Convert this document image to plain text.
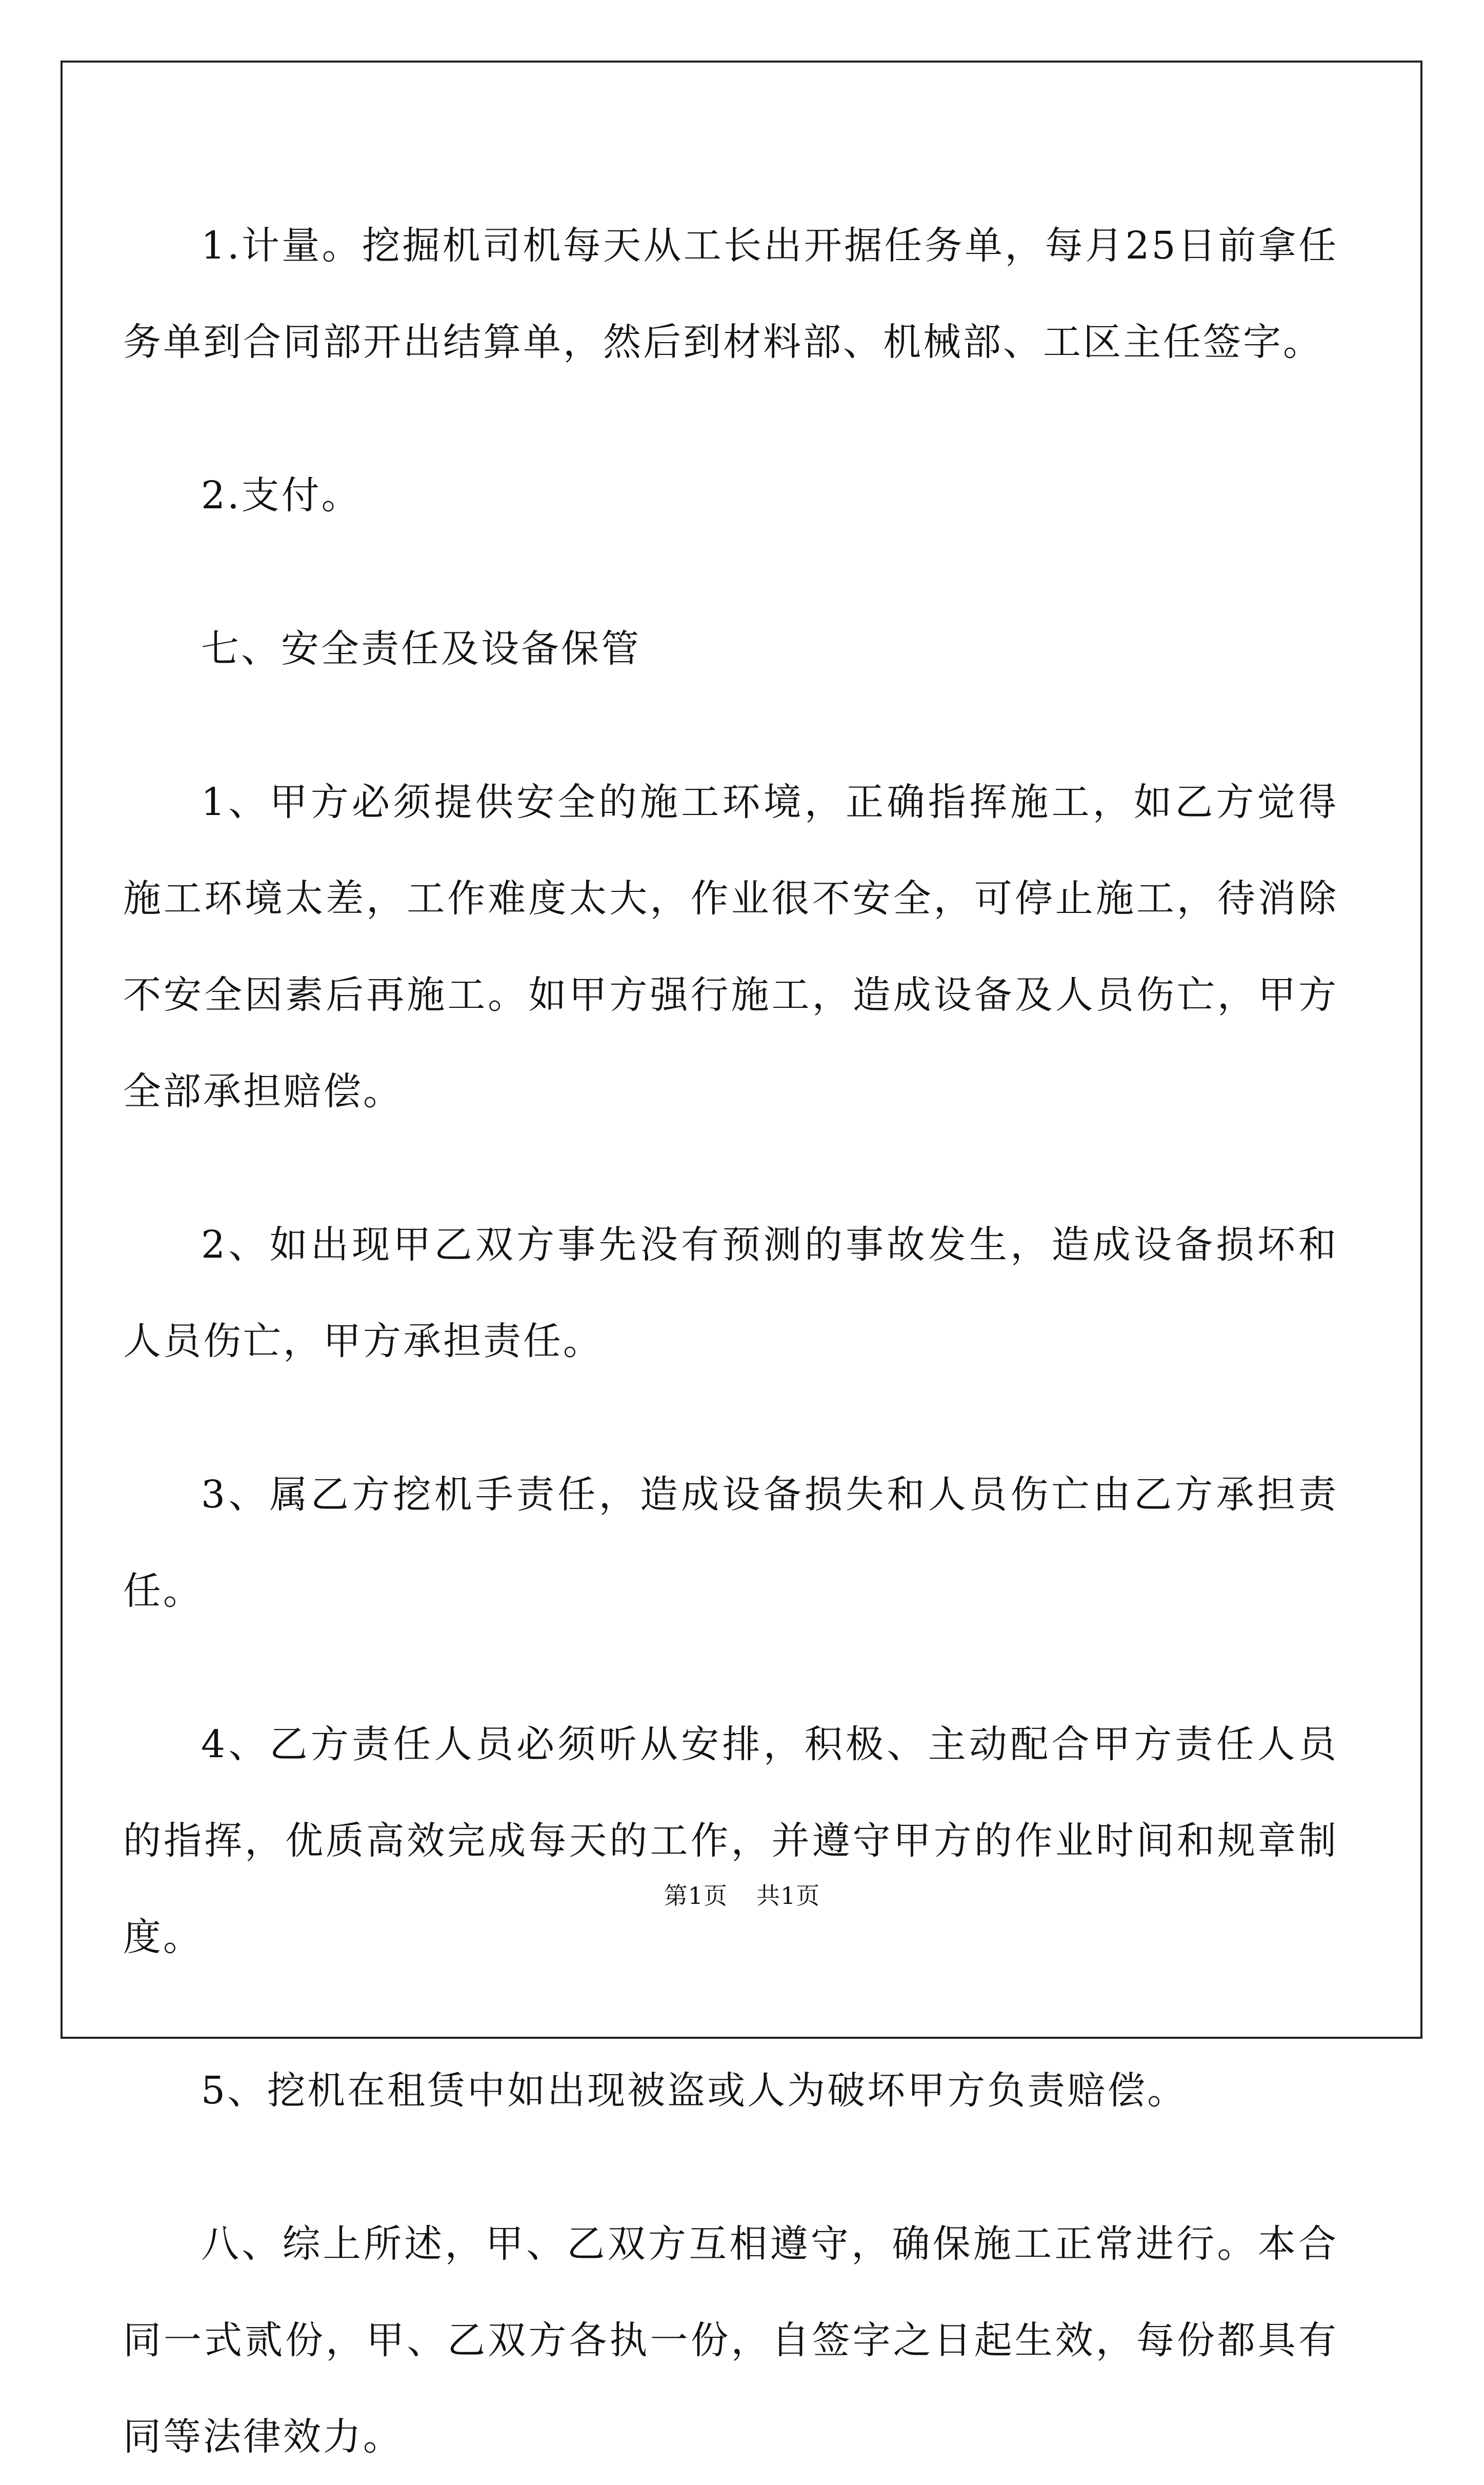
1.计量。挖掘机司机每天从工长出开据任务单，每月25日前拿任务单到合同部开出结算单，然后到材料部、机械部、工区主任签字。

2.支付。

七、安全责任及设备保管

1、甲方必须提供安全的施工环境，正确指挥施工，如乙方觉得施工环境太差，工作难度太大，作业很不安全，可停止施工，待消除不安全因素后再施工。如甲方强行施工，造成设备及人员伤亡，甲方全部承担赔偿。

2、如出现甲乙双方事先没有预测的事故发生，造成设备损坏和人员伤亡，甲方承担责任。

3、属乙方挖机手责任，造成设备损失和人员伤亡由乙方承担责任。

4、乙方责任人员必须听从安排，积极、主动配合甲方责任人员的指挥，优质高效完成每天的工作，并遵守甲方的作业时间和规章制度。

5、挖机在租赁中如出现被盗或人为破坏甲方负责赔偿。

八、综上所述，甲、乙双方互相遵守，确保施工正常进行。本合同一式贰份，甲、乙双方各执一份，自签字之日起生效，每份都具有同等法律效力。

第1页 共1页
